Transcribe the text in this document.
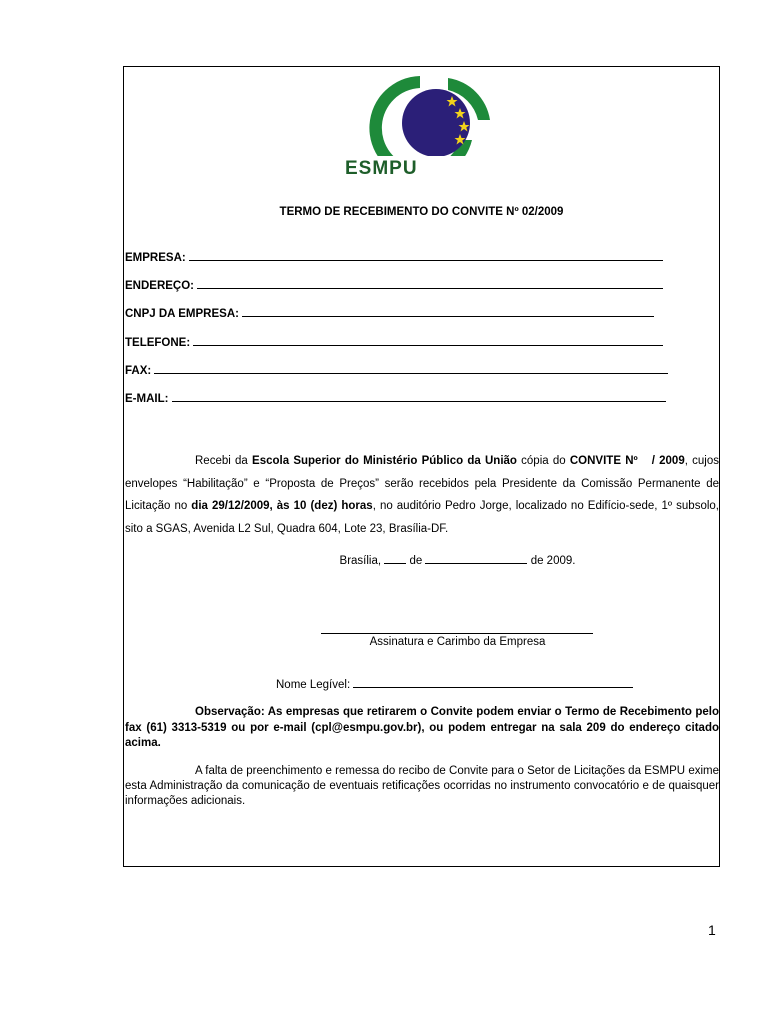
ESMPU
TERMO DE RECEBIMENTO DO CONVITE Nº 02/2009
EMPRESA:
ENDEREÇO:
CNPJ DA EMPRESA:
TELEFONE:
FAX:
E-MAIL:
Recebi da Escola Superior do Ministério Público da União cópia do CONVITE Nº / 2009, cujos envelopes “Habilitação” e “Proposta de Preços” serão recebidos pela Presidente da Comissão Permanente de Licitação no dia 29/12/2009, às 10 (dez) horas, no auditório Pedro Jorge, localizado no Edifício-sede, 1º subsolo, sito a SGAS, Avenida L2 Sul, Quadra 604, Lote 23, Brasília-DF.
Brasília, de	de 2009.
Assinatura e Carimbo da Empresa
Nome Legível:
Observação: As empresas que retirarem o Convite podem enviar o Termo de Recebimento pelo fax (61) 3313-5319 ou por e-mail (cpl@esmpu.gov.br), ou podem entregar na sala 209 do endereço citado acima.
A falta de preenchimento e remessa do recibo de Convite para o Setor de Licitações da ESMPU exime esta Administração da comunicação de eventuais retificações ocorridas no instrumento convocatório e de quaisquer informações adicionais.
1
